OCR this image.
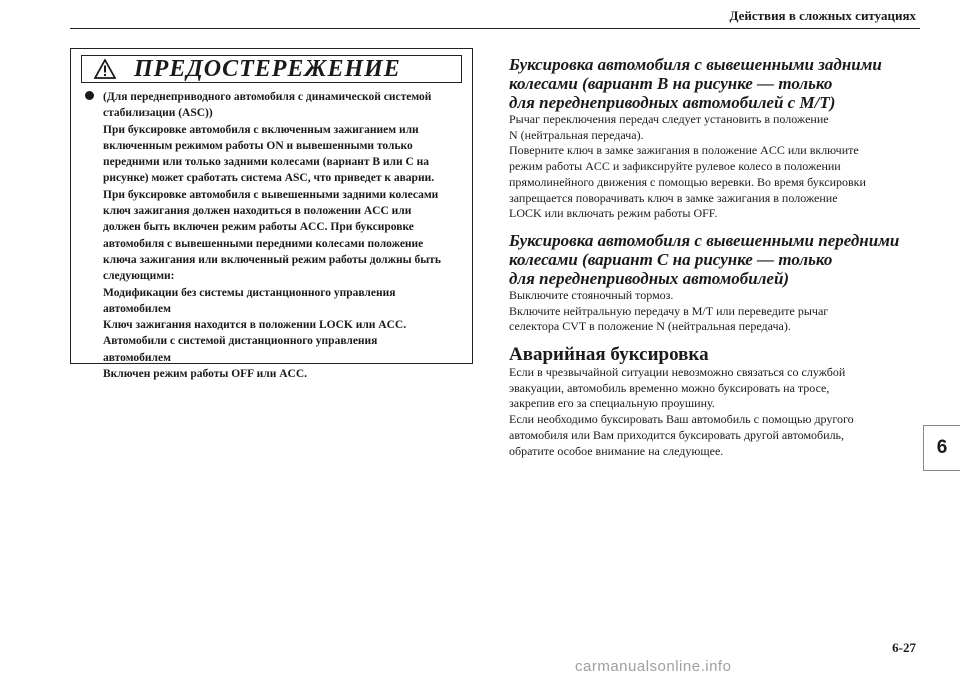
Действия в сложных ситуациях
ПРЕДОСТЕРЕЖЕНИЕ
(Для переднеприводного автомобиля с динамической системой
стабилизации (ASC))
При буксировке автомобиля с включенным зажиганием или
включенным режимом работы ON и вывешенными только
передними или только задними колесами (вариант B или C на
рисунке) может сработать система ASC, что приведет к аварии.
При буксировке автомобиля с вывешенными задними колесами
ключ зажигания должен находиться в положении ACC или
должен быть включен режим работы ACC. При буксировке
автомобиля с вывешенными передними колесами положение
ключа зажигания или включенный режим работы должны быть
следующими:
Модификации без системы дистанционного управления
автомобилем
Ключ зажигания находится в положении LOCK или ACC.
Автомобили с системой дистанционного управления
автомобилем
Включен режим работы OFF или ACC.
Буксировка автомобиля с вывешенными задними
колесами (вариант B на рисунке — только
для переднеприводных автомобилей с М/Т)

Рычаг переключения передач следует установить в положение
N (нейтральная передача).
Поверните ключ в замке зажигания в положение ACC или включите
режим работы ACC и зафиксируйте рулевое колесо в положении
прямолинейного движения с помощью веревки. Во время буксировки
запрещается поворачивать ключ в замке зажигания в положение
LOCK или включать режим работы OFF.

Буксировка автомобиля с вывешенными передними
колесами (вариант C на рисунке — только
для переднеприводных автомобилей)

Выключите стояночный тормоз.
Включите нейтральную передачу в М/Т или переведите рычаг
селектора CVT в положение N (нейтральная передача).

Аварийная буксировка

Если в чрезвычайной ситуации невозможно связаться со службой
эвакуации, автомобиль временно можно буксировать на тросе,
закрепив его за специальную проушину.
Если необходимо буксировать Ваш автомобиль с помощью другого
автомобиля или Вам приходится буксировать другой автомобиль,
обратите особое внимание на следующее.	6
6-27
carmanualsonline.info
